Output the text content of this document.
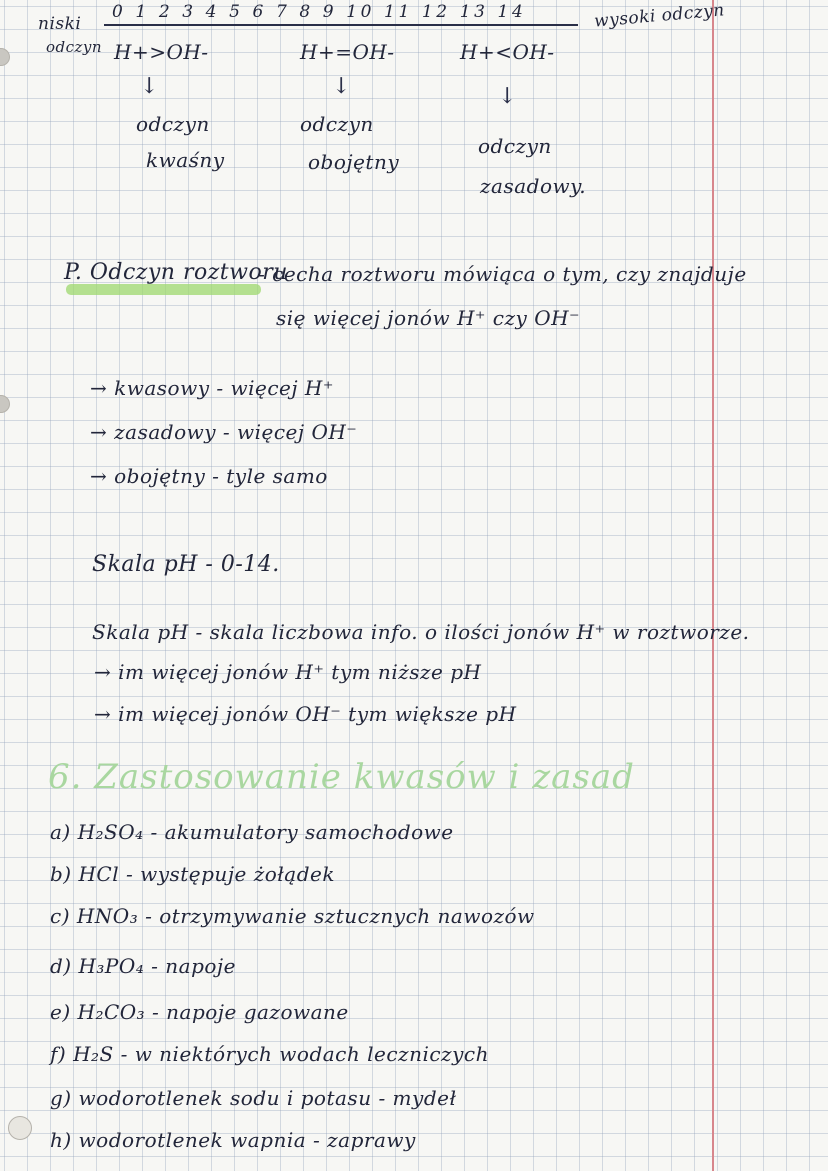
niski
odczyn
0 1 2 3 4 5 6 7 8 9 10 11 12 13 14	wysoki odczyn
H+>OH-
↓
odczyn
kwaśny
H+=OH-
↓
odczyn
obojętny
H+<OH-
↓
odczyn
zasadowy.
P. Odczyn roztworu
- cecha roztworu mówiąca o tym, czy znajduje
się więcej jonów H⁺ czy OH⁻
→ kwasowy - więcej H⁺
→ zasadowy - więcej OH⁻
→ obojętny - tyle samo
Skala pH - 0-14.
Skala pH - skala liczbowa info. o ilości jonów H⁺ w roztworze.
→ im więcej jonów H⁺ tym niższe pH
→ im więcej jonów OH⁻ tym większe pH
6. Zastosowanie kwasów i zasad
a) H₂SO₄ - akumulatory samochodowe
b) HCl - występuje żołądek
c) HNO₃ - otrzymywanie sztucznych nawozów
d) H₃PO₄ - napoje
e) H₂CO₃ - napoje gazowane
f) H₂S - w niektórych wodach leczniczych
g) wodorotlenek sodu i potasu - mydeł
h) wodorotlenek wapnia - zaprawy
